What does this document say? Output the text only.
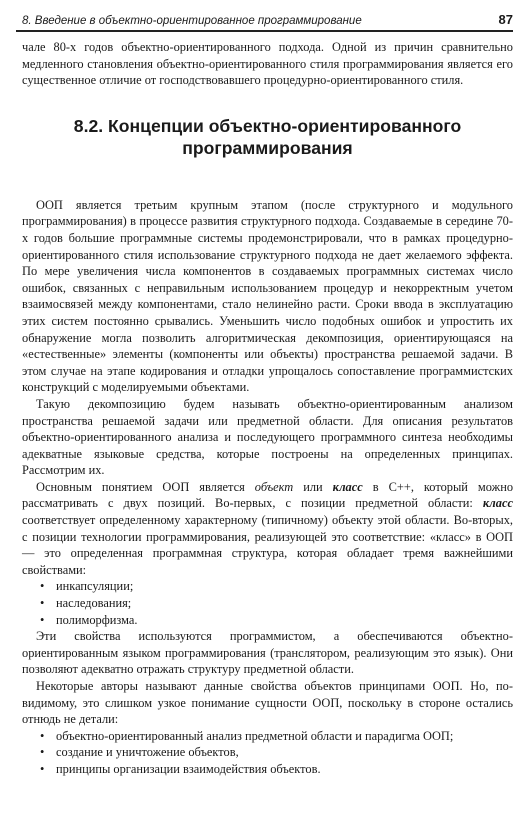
8. Введение в объектно-ориентированное программирование	87

чале 80-х годов объектно-ориентированного подхода. Одной из причин сравнительно медленного становления объектно-ориентированного стиля программирования является его существенное отличие от господствовавшего процедурно-ориентированного стиля.

8.2. Концепции объектно-ориентированного программирования

ООП является третьим крупным этапом (после структурного и модульного программирования) в процессе развития структурного подхода. Создаваемые в середине 70-х годов большие программные системы продемонстрировали, что в рамках процедурно-ориентированного стиля использование структурного подхода не дает желаемого эффекта. По мере увеличения числа компонентов в создаваемых программных системах число ошибок, связанных с неправильным использованием процедур и некорректным учетом взаимосвязей между компонентами, стало нелинейно расти. Сроки ввода в эксплуатацию этих систем постоянно срывались. Уменьшить число подобных ошибок и упростить их обнаружение могла позволить алгоритмическая декомпозиция, ориентирующаяся на «естественные» элементы (компоненты или объекты) пространства решаемой задачи. В этом случае на этапе кодирования и отладки упрощалось сопоставление программистских конструкций с моделируемыми объектами.

Такую декомпозицию будем называть объектно-ориентированным анализом пространства решаемой задачи или предметной области. Для описания результатов объектно-ориентированного анализа и последующего программного синтеза необходимы адекватные языковые средства, которые построены на определенных принципах. Рассмотрим их.

Основным понятием ООП является объект или класс в C++, который можно рассматривать с двух позиций. Во-первых, с позиции предметной области: класс соответствует определенному характерному (типичному) объекту этой области. Во-вторых, с позиции технологии программирования, реализующей это соответствие: «класс» в ООП — это определенная программная структура, которая обладает тремя важнейшими свойствами:

• инкапсуляции;
• наследования;
• полиморфизма.

Эти свойства используются программистом, а обеспечиваются объектно-ориентированным языком программирования (транслятором, реализующим это язык). Они позволяют адекватно отражать структуру предметной области.

Некоторые авторы называют данные свойства объектов принципами ООП. Но, по-видимому, это слишком узкое понимание сущности ООП, поскольку в стороне остались отнюдь не детали:

• объектно-ориентированный анализ предметной области и парадигма ООП;
• создание и уничтожение объектов,
• принципы организации взаимодействия объектов.
